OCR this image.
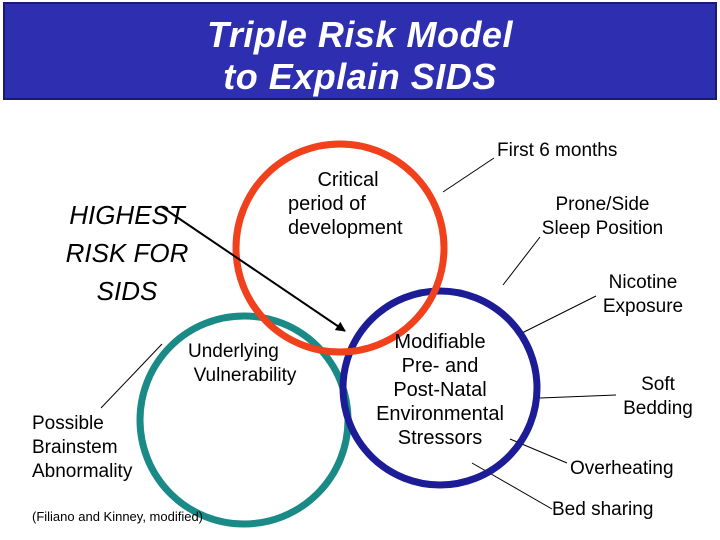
Triple Risk Model
to Explain SIDS
HIGHEST
RISK FOR
SIDS
Critical
period of
development
Underlying
Vulnerability
Modifiable
Pre- and
Post-Natal
Environmental
Stressors
First 6 months
Prone/Side
Sleep Position
Nicotine
Exposure
Soft
Bedding
Overheating
Bed sharing
Possible
Brainstem
Abnormality
(Filiano and Kinney, modified)
